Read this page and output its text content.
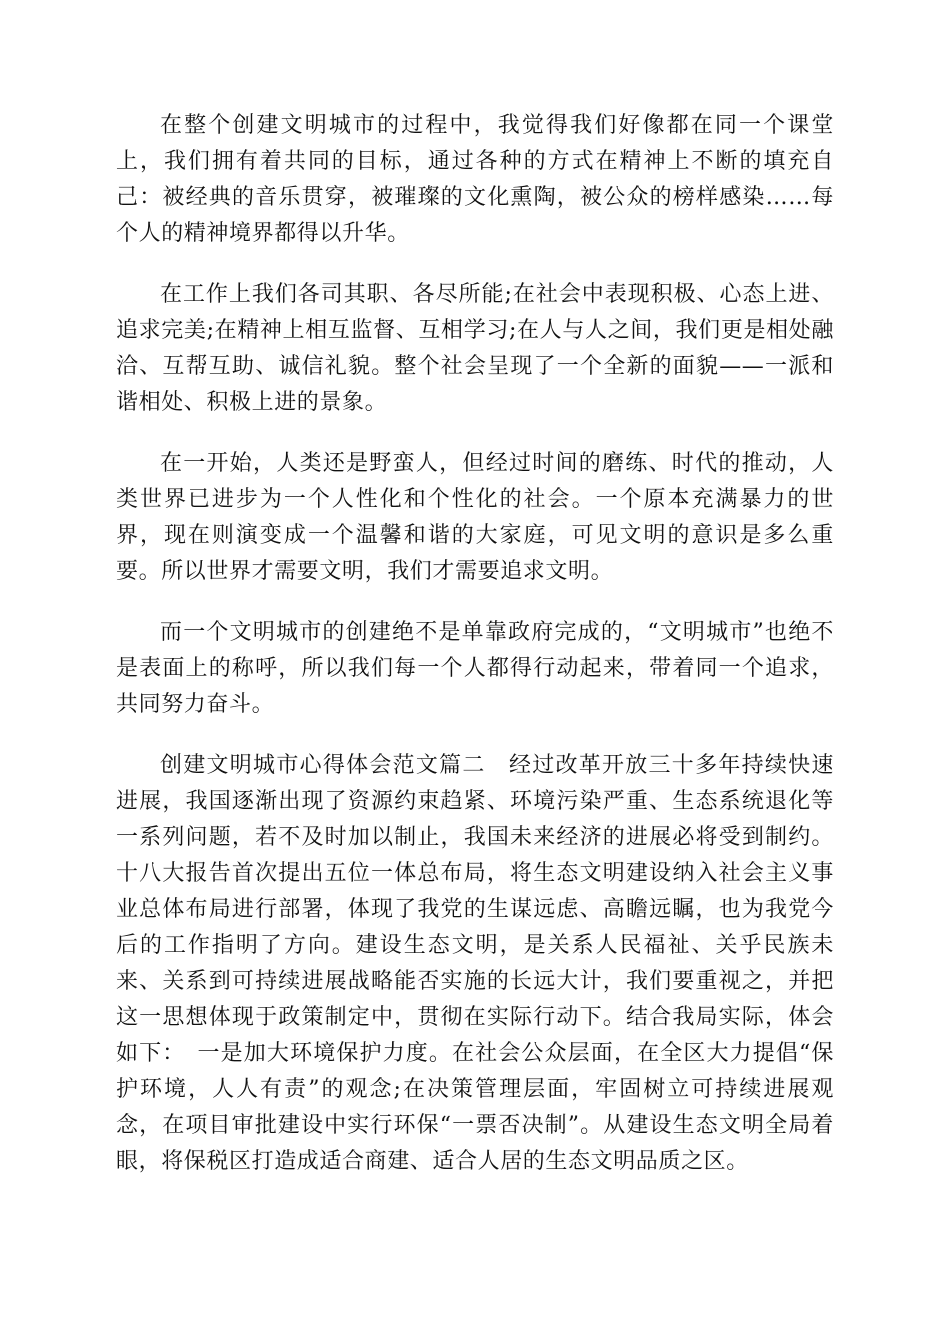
在整个创建文明城市的过程中，我觉得我们好像都在同一个课堂上，我们拥有着共同的目标，通过各种的方式在精神上不断的填充自己：被经典的音乐贯穿，被璀璨的文化熏陶，被公众的榜样感染……每个人的精神境界都得以升华。

在工作上我们各司其职、各尽所能;在社会中表现积极、心态上进、追求完美;在精神上相互监督、互相学习;在人与人之间，我们更是相处融洽、互帮互助、诚信礼貌。整个社会呈现了一个全新的面貌——一派和谐相处、积极上进的景象。

在一开始，人类还是野蛮人，但经过时间的磨练、时代的推动，人类世界已进步为一个人性化和个性化的社会。一个原本充满暴力的世界，现在则演变成一个温馨和谐的大家庭，可见文明的意识是多么重要。所以世界才需要文明，我们才需要追求文明。

而一个文明城市的创建绝不是单靠政府完成的，“文明城市”也绝不是表面上的称呼，所以我们每一个人都得行动起来，带着同一个追求，共同努力奋斗。

创建文明城市心得体会范文篇二　经过改革开放三十多年持续快速进展，我国逐渐出现了资源约束趋紧、环境污染严重、生态系统退化等一系列问题，若不及时加以制止，我国未来经济的进展必将受到制约。十八大报告首次提出五位一体总布局，将生态文明建设纳入社会主义事业总体布局进行部署，体现了我党的生谋远虑、高瞻远瞩，也为我党今后的工作指明了方向。建设生态文明，是关系人民福祉、关乎民族未来、关系到可持续进展战略能否实施的长远大计，我们要重视之，并把这一思想体现于政策制定中，贯彻在实际行动下。结合我局实际，体会如下：　一是加大环境保护力度。在社会公众层面，在全区大力提倡“保护环境，人人有责”的观念;在决策管理层面，牢固树立可持续进展观念，在项目审批建设中实行环保“一票否决制”。从建设生态文明全局着眼，将保税区打造成适合商建、适合人居的生态文明品质之区。
